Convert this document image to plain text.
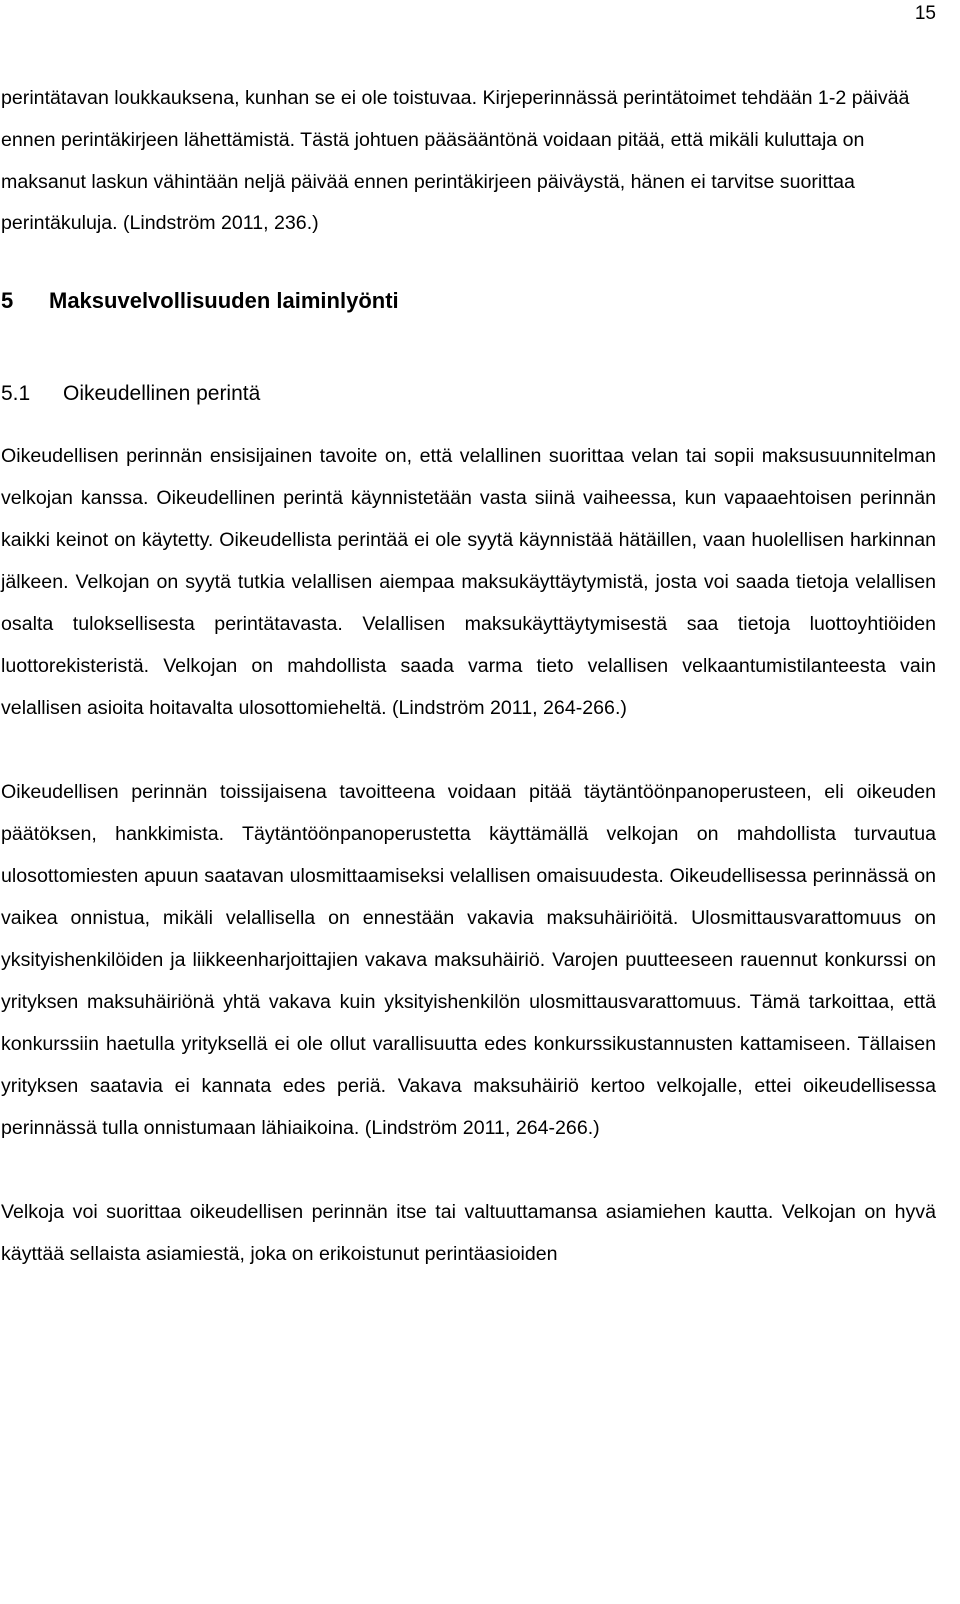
15

perintätavan loukkauksena, kunhan se ei ole toistuvaa. Kirjeperinnässä perintätoimet tehdään 1-2 päivää ennen perintäkirjeen lähettämistä. Tästä johtuen pääsääntönä voidaan pitää, että mikäli kuluttaja on maksanut laskun vähintään neljä päivää ennen perintäkirjeen päiväystä, hänen ei tarvitse suorittaa perintäkuluja. (Lindström 2011, 236.)

5 Maksuvelvollisuuden laiminlyönti
5.1 Oikeudellinen perintä

Oikeudellisen perinnän ensisijainen tavoite on, että velallinen suorittaa velan tai sopii maksusuunnitelman velkojan kanssa. Oikeudellinen perintä käynnistetään vasta siinä vaiheessa, kun vapaaehtoisen perinnän kaikki keinot on käytetty. Oikeudellista perintää ei ole syytä käynnistää hätäillen, vaan huolellisen harkinnan jälkeen. Velkojan on syytä tutkia velallisen aiempaa maksukäyttäytymistä, josta voi saada tietoja velallisen osalta tuloksellisesta perintätavasta. Velallisen maksukäyttäytymisestä saa tietoja luottoyhtiöiden luottorekisteristä. Velkojan on mahdollista saada varma tieto velallisen velkaantumistilanteesta vain velallisen asioita hoitavalta ulosottomieheltä. (Lindström 2011, 264-266.)

Oikeudellisen perinnän toissijaisena tavoitteena voidaan pitää täytäntöönpanoperusteen, eli oikeuden päätöksen, hankkimista. Täytäntöönpanoperustetta käyttämällä velkojan on mahdollista turvautua ulosottomiesten apuun saatavan ulosmittaamiseksi velallisen omaisuudesta. Oikeudellisessa perinnässä on vaikea onnistua, mikäli velallisella on ennestään vakavia maksuhäiriöitä. Ulosmittausvarattomuus on yksityishenkilöiden ja liikkeenharjoittajien vakava maksuhäiriö. Varojen puutteeseen rauennut konkurssi on yrityksen maksuhäiriönä yhtä vakava kuin yksityishenkilön ulosmittausvarattomuus. Tämä tarkoittaa, että konkurssiin haetulla yrityksellä ei ole ollut varallisuutta edes konkurssikustannusten kattamiseen. Tällaisen yrityksen saatavia ei kannata edes periä. Vakava maksuhäiriö kertoo velkojalle, ettei oikeudellisessa perinnässä tulla onnistumaan lähiaikoina. (Lindström 2011, 264-266.)

Velkoja voi suorittaa oikeudellisen perinnän itse tai valtuuttamansa asiamiehen kautta. Velkojan on hyvä käyttää sellaista asiamiestä, joka on erikoistunut perintäasioiden
